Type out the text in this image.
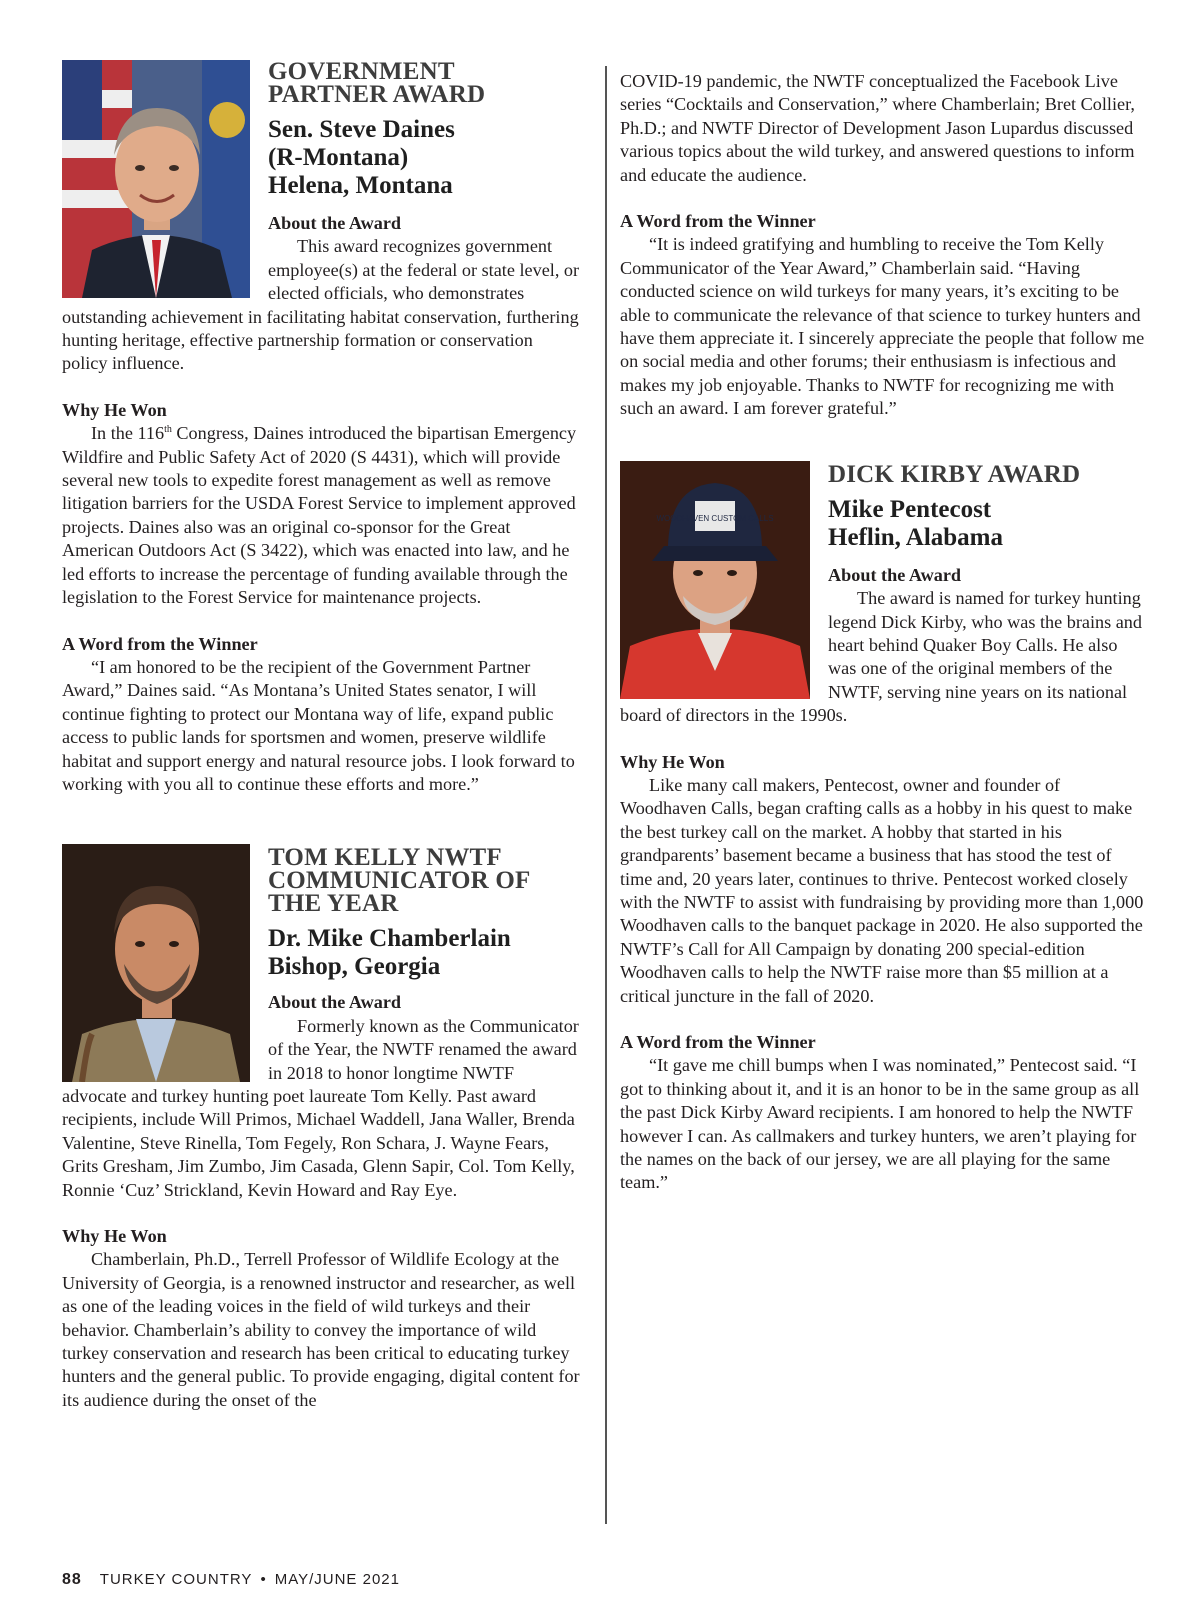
GOVERNMENT PARTNER AWARD

Sen. Steve Daines

(R-Montana)

Helena, Montana

About the Award

This award recognizes government employee(s) at the federal or state level, or elected officials, who demonstrates outstanding achievement in facilitating habitat conservation, furthering hunting heritage, effective partnership formation or conservation policy influence.

Why He Won

In the 116th Congress, Daines introduced the bipartisan Emergency Wildfire and Public Safety Act of 2020 (S 4431), which will provide several new tools to expedite forest management as well as remove litigation barriers for the USDA Forest Service to implement approved projects. Daines also was an original co-sponsor for the Great American Outdoors Act (S 3422), which was enacted into law, and he led efforts to increase the percentage of funding available through the legislation to the Forest Service for maintenance projects.

A Word from the Winner

“I am honored to be the recipient of the Government Partner Award,” Daines said. “As Montana’s United States senator, I will continue fighting to protect our Montana way of life, expand public access to public lands for sportsmen and women, preserve wildlife habitat and support energy and natural resource jobs. I look forward to working with you all to continue these efforts and more.”

TOM KELLY NWTF COMMUNICATOR OF THE YEAR

Dr. Mike Chamberlain

Bishop, Georgia

About the Award

Formerly known as the Communicator of the Year, the NWTF renamed the award in 2018 to honor longtime NWTF advocate and turkey hunting poet laureate Tom Kelly. Past award recipients, include Will Primos, Michael Waddell, Jana Waller, Brenda Valentine, Steve Rinella, Tom Fegely, Ron Schara, J. Wayne Fears, Grits Gresham, Jim Zumbo, Jim Casada, Glenn Sapir, Col. Tom Kelly, Ronnie ‘Cuz’ Strickland, Kevin Howard and Ray Eye.

Why He Won

Chamberlain, Ph.D., Terrell Professor of Wildlife Ecology at the University of Georgia, is a renowned instructor and researcher, as well as one of the leading voices in the field of wild turkeys and their behavior. Chamberlain’s ability to convey the importance of wild turkey conservation and research has been critical to educating turkey hunters and the general public. To provide engaging, digital content for its audience during the onset of the

COVID-19 pandemic, the NWTF conceptualized the Facebook Live series “Cocktails and Conservation,” where Chamberlain; Bret Collier, Ph.D.; and NWTF Director of Development Jason Lupardus discussed various topics about the wild turkey, and answered questions to inform and educate the audience.

A Word from the Winner

“It is indeed gratifying and humbling to receive the Tom Kelly Communicator of the Year Award,” Chamberlain said. “Having conducted science on wild turkeys for many years, it’s exciting to be able to communicate the relevance of that science to turkey hunters and have them appreciate it. I sincerely appreciate the people that follow me on social media and other forums; their enthusiasm is infectious and makes my job enjoyable. Thanks to NWTF for recognizing me with such an award. I am forever grateful.”

WOODHAVEN CUSTOM CALLS

DICK KIRBY AWARD

Mike Pentecost

Heflin, Alabama

About the Award

The award is named for turkey hunting legend Dick Kirby, who was the brains and heart behind Quaker Boy Calls. He also was one of the original members of the NWTF, serving nine years on its national board of directors in the 1990s.

Why He Won

Like many call makers, Pentecost, owner and founder of Woodhaven Calls, began crafting calls as a hobby in his quest to make the best turkey call on the market. A hobby that started in his grandparents’ basement became a business that has stood the test of time and, 20 years later, continues to thrive. Pentecost worked closely with the NWTF to assist with fundraising by providing more than 1,000 Woodhaven calls to the banquet package in 2020. He also supported the NWTF’s Call for All Campaign by donating 200 special-edition Woodhaven calls to help the NWTF raise more than $5 million at a critical juncture in the fall of 2020.

A Word from the Winner

“It gave me chill bumps when I was nominated,” Pentecost said. “I got to thinking about it, and it is an honor to be in the same group as all the past Dick Kirby Award recipients. I am honored to help the NWTF however I can. As callmakers and turkey hunters, we aren’t playing for the names on the back of our jersey, we are all playing for the same team.”

88 TURKEY COUNTRY • MAY/JUNE 2021
